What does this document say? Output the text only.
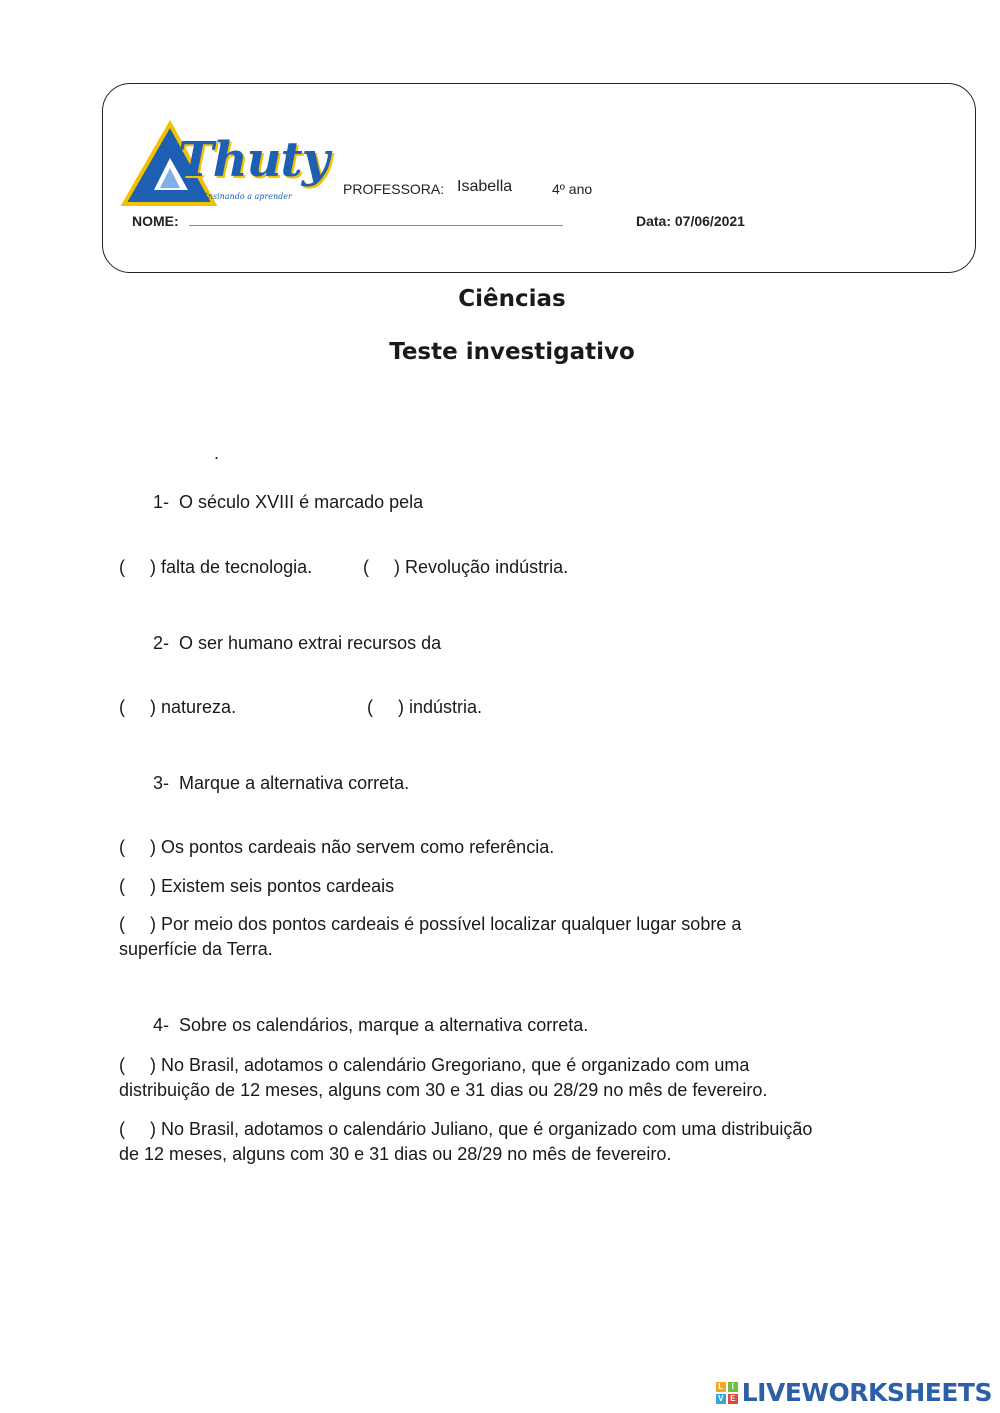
Thuty
Ensinando a aprender	PROFESSORA: Isabella	4º ano
NOME: ________________________________________________	Data: 07/06/2021
Ciências
Teste investigativo
.
1- O século XVIII é marcado pela
(     ) falta de tecnologia.	(     ) Revolução indústria.
2- O ser humano extrai recursos da
(     ) natureza.	(     ) indústria.
3- Marque a alternativa correta.
(     ) Os pontos cardeais não servem como referência.
(     ) Existem seis pontos cardeais
(     ) Por meio dos pontos cardeais é possível localizar qualquer lugar sobre a
superfície da Terra.
4- Sobre os calendários, marque a alternativa correta.
(     ) No Brasil, adotamos o calendário Gregoriano, que é organizado com uma
distribuição de 12 meses, alguns com 30 e 31 dias ou 28/29 no mês de fevereiro.
(     ) No Brasil, adotamos o calendário Juliano, que é organizado com uma distribuição
de 12 meses, alguns com 30 e 31 dias ou 28/29 no mês de fevereiro.
L	I
V E LIVEWORKSHEETS
